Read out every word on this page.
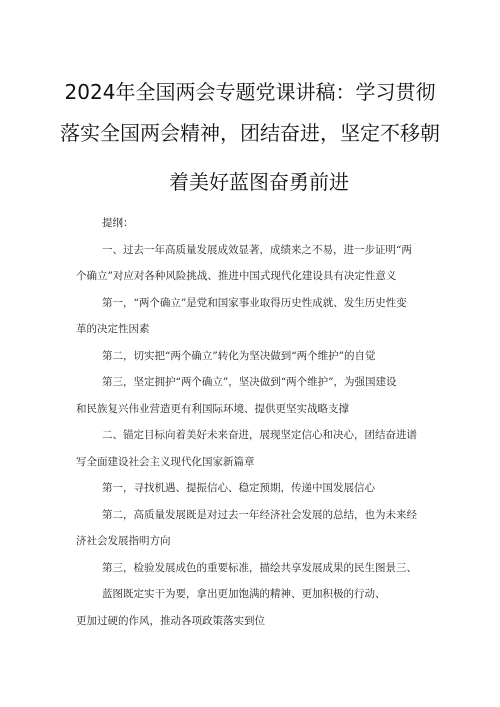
2024年全国两会专题党课讲稿：学习贯彻
落实全国两会精神，团结奋进，坚定不移朝
着美好蓝图奋勇前进
提纲：
一、过去一年高质量发展成效显著，成绩来之不易，进一步证明“两
个确立”对应对各种风险挑战、推进中国式现代化建设具有决定性意义
第一，“两个确立”是党和国家事业取得历史性成就、发生历史性变
革的决定性因素
第二，切实把“两个确立”转化为坚决做到“两个维护”的自觉
第三，坚定拥护“两个确立”，坚决做到“两个维护”，为强国建设
和民族复兴伟业营造更有利国际环境、提供更坚实战略支撑
二、锚定目标向着美好未来奋进，展现坚定信心和决心，团结奋进谱
写全面建设社会主义现代化国家新篇章
第一，寻找机遇、提振信心、稳定预期，传递中国发展信心
第二，高质量发展既是对过去一年经济社会发展的总结，也为未来经
济社会发展指明方向
第三，检验发展成色的重要标准，描绘共享发展成果的民生图景三、
蓝图既定实干为要，拿出更加饱满的精神、更加积极的行动、
更加过硬的作风，推动各项政策落实到位
